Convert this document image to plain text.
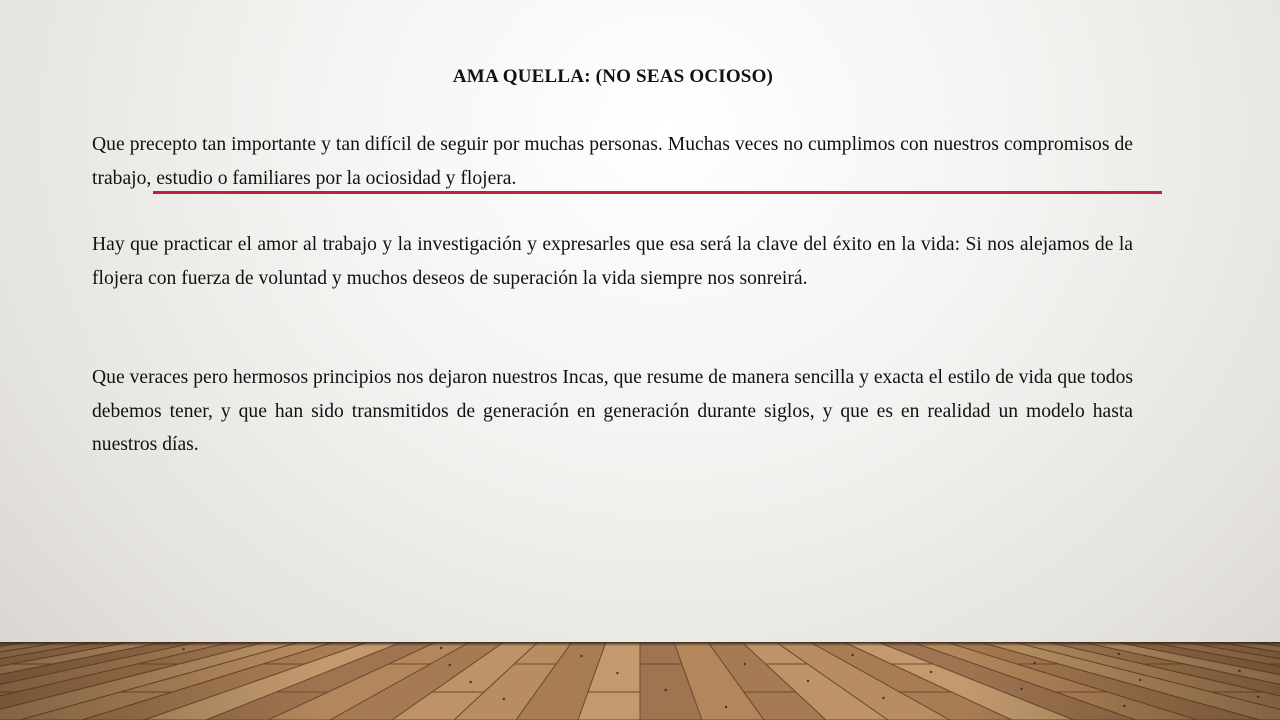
AMA QUELLA: (NO SEAS OCIOSO)

Que precepto tan importante y tan difícil de seguir por muchas personas. Muchas veces no cumplimos con nuestros compromisos de trabajo, estudio o familiares por la ociosidad y flojera.

Hay que practicar el amor al trabajo y la investigación y expresarles que esa será la clave del éxito en la vida: Si nos alejamos de la flojera con fuerza de voluntad y muchos deseos de superación la vida siempre nos sonreirá.

Que veraces pero hermosos principios nos dejaron nuestros Incas, que resume de manera sencilla y exacta el estilo de vida que todos debemos tener, y que han sido transmitidos de generación en generación durante siglos, y que es en realidad un modelo hasta nuestros días.
